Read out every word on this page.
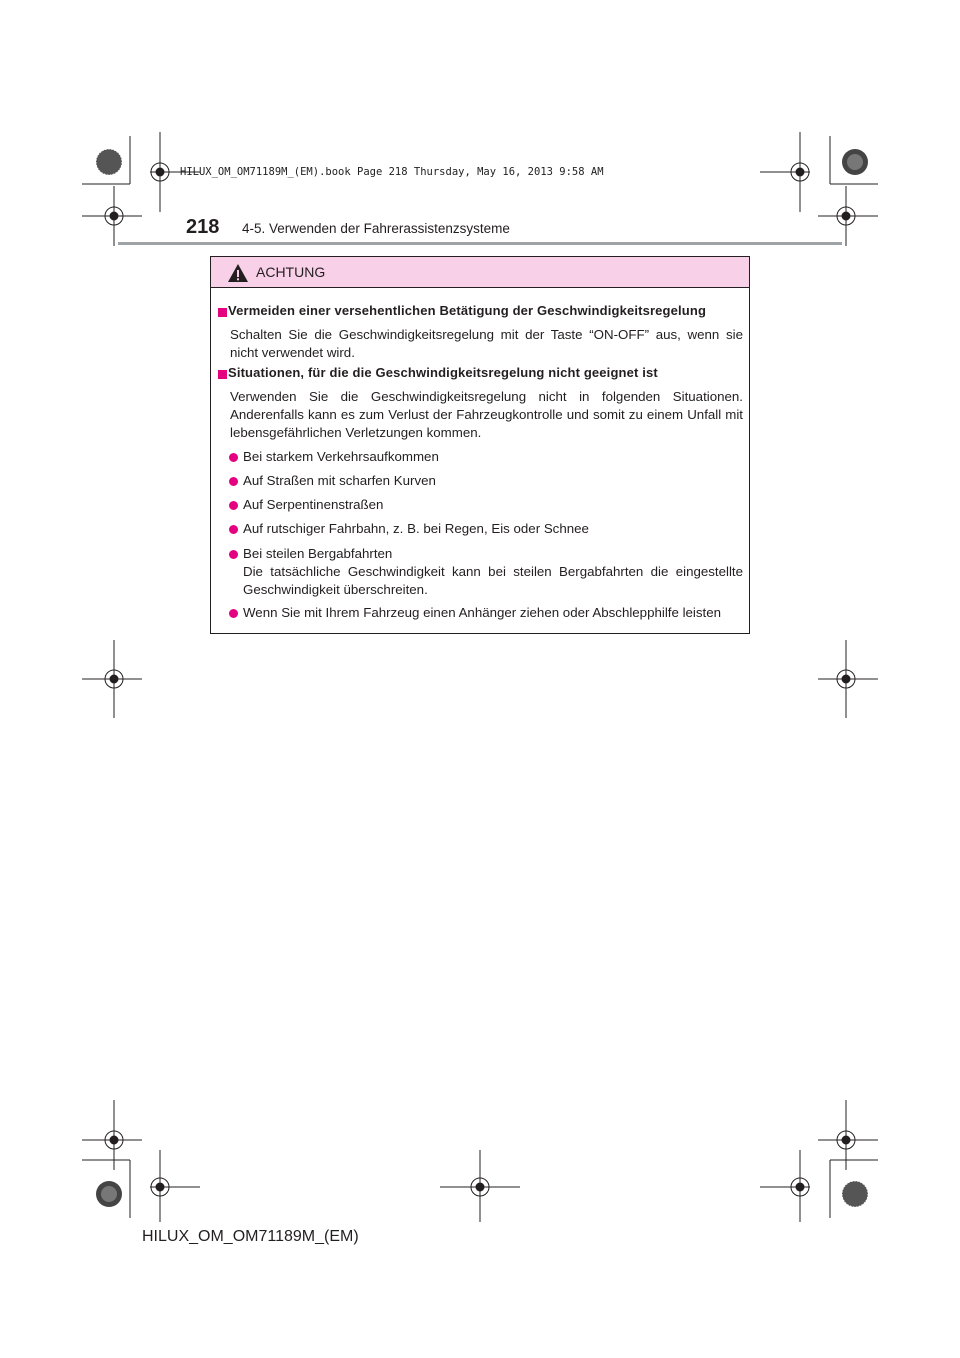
HILUX_OM_OM71189M_(EM).book Page 218 Thursday, May 16, 2013 9:58 AM
218 4-5. Verwenden der Fahrerassistenzsysteme
ACHTUNG
Vermeiden einer versehentlichen Betätigung der Geschwindigkeitsregelung
Schalten Sie die Geschwindigkeitsregelung mit der Taste “ON-OFF” aus, wenn sie nicht verwendet wird.
Situationen, für die die Geschwindigkeitsregelung nicht geeignet ist
Verwenden Sie die Geschwindigkeitsregelung nicht in folgenden Situationen. Anderenfalls kann es zum Verlust der Fahrzeugkontrolle und somit zu einem Unfall mit lebensgefährlichen Verletzungen kommen.
Bei starkem Verkehrsaufkommen
Auf Straßen mit scharfen Kurven
Auf Serpentinenstraßen
Auf rutschiger Fahrbahn, z. B. bei Regen, Eis oder Schnee
Bei steilen Bergabfahrten
Die tatsächliche Geschwindigkeit kann bei steilen Bergabfahrten die eingestellte Geschwindigkeit überschreiten.
Wenn Sie mit Ihrem Fahrzeug einen Anhänger ziehen oder Abschlepphilfe leisten
HILUX_OM_OM71189M_(EM)
